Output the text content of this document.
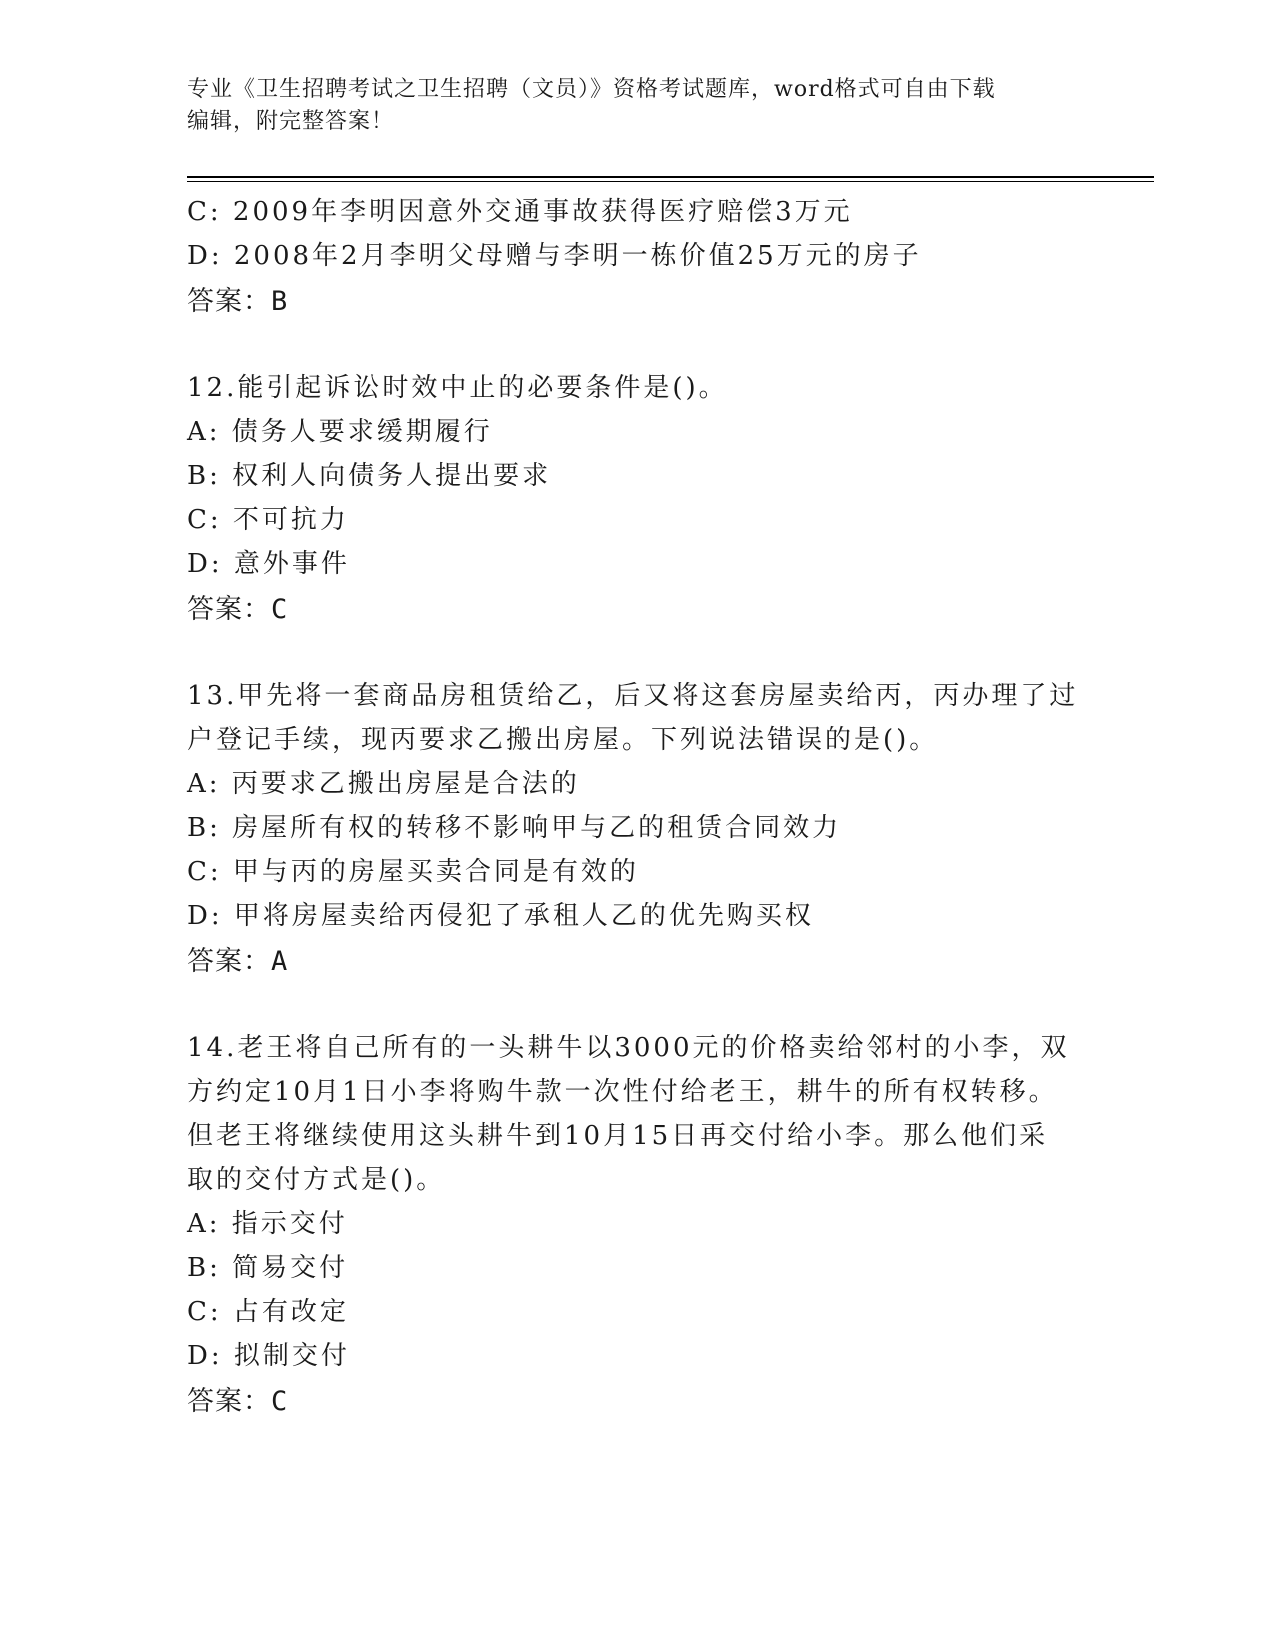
专业《卫生招聘考试之卫生招聘（文员）》资格考试题库，word格式可自由下载
编辑，附完整答案！
C: 2009年李明因意外交通事故获得医疗赔偿3万元
D: 2008年2月李明父母赠与李明一栋价值25万元的房子
答案：B
12.能引起诉讼时效中止的必要条件是()。
A: 债务人要求缓期履行
B: 权利人向债务人提出要求
C: 不可抗力
D: 意外事件
答案：C
13.甲先将一套商品房租赁给乙，后又将这套房屋卖给丙，丙办理了过
户登记手续，现丙要求乙搬出房屋。下列说法错误的是()。
A: 丙要求乙搬出房屋是合法的
B: 房屋所有权的转移不影响甲与乙的租赁合同效力
C: 甲与丙的房屋买卖合同是有效的
D: 甲将房屋卖给丙侵犯了承租人乙的优先购买权
答案：A
14.老王将自己所有的一头耕牛以3000元的价格卖给邻村的小李，双
方约定10月1日小李将购牛款一次性付给老王，耕牛的所有权转移。
但老王将继续使用这头耕牛到10月15日再交付给小李。那么他们采
取的交付方式是()。
A: 指示交付
B: 简易交付
C: 占有改定
D: 拟制交付
答案：C
